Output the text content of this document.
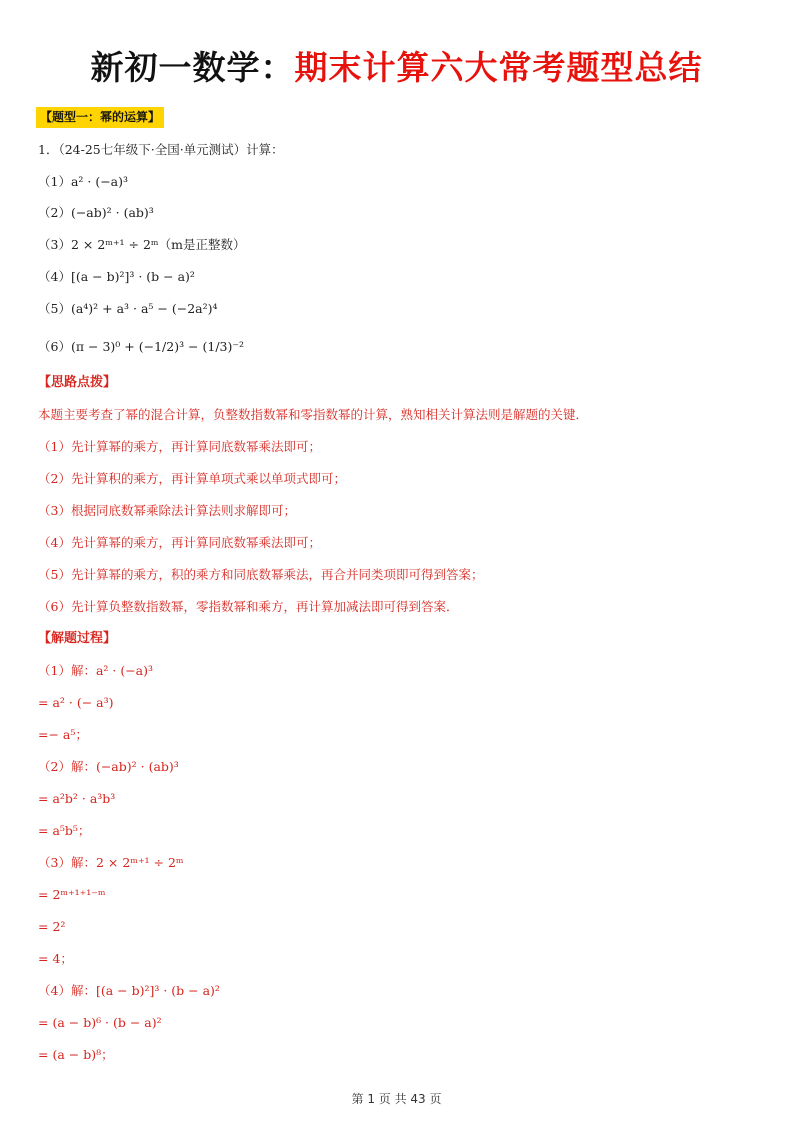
新初一数学：期末计算六大常考题型总结
【题型一：幂的运算】
1．（24-25七年级下·全国·单元测试）计算：
（1）a² · (−a)³
（2）(−ab)² · (ab)³
（3）2 × 2ᵐ⁺¹ ÷ 2ᵐ（m是正整数）
（4）[(a − b)²]³ · (b − a)²
（5）(a⁴)² + a³ · a⁵ − (−2a²)⁴
（6）(π − 3)⁰ + (−1/2)³ − (1/3)⁻²
【思路点拨】
本题主要考查了幂的混合计算，负整数指数幂和零指数幂的计算，熟知相关计算法则是解题的关键．
（1）先计算幂的乘方，再计算同底数幂乘法即可；
（2）先计算积的乘方，再计算单项式乘以单项式即可；
（3）根据同底数幂乘除法计算法则求解即可；
（4）先计算幂的乘方，再计算同底数幂乘法即可；
（5）先计算幂的乘方，积的乘方和同底数幂乘法，再合并同类项即可得到答案；
（6）先计算负整数指数幂，零指数幂和乘方，再计算加减法即可得到答案．
【解题过程】
（1）解：a² · (−a)³
= a² · (− a³)
=− a⁵；
（2）解：(−ab)² · (ab)³
= a²b² · a³b³
= a⁵b⁵；
（3）解：2 × 2ᵐ⁺¹ ÷ 2ᵐ
= 2ᵐ⁺¹⁺¹⁻ᵐ
= 2²
= 4；
（4）解：[(a − b)²]³ · (b − a)²
= (a − b)⁶ · (b − a)²
= (a − b)⁸；
第 1 页 共 43 页
